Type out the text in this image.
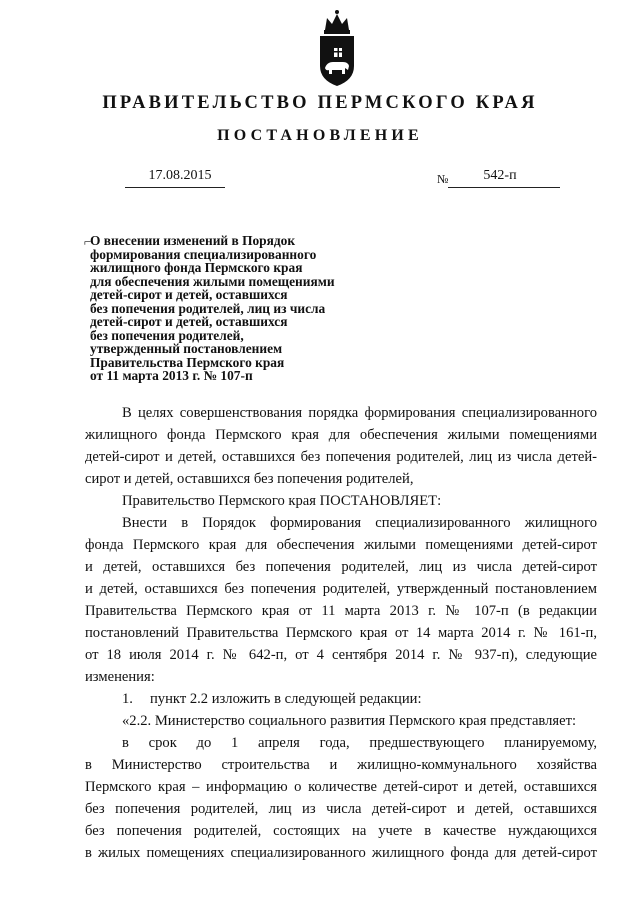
ПРАВИТЕЛЬСТВО ПЕРМСКОГО КРАЯ
ПОСТАНОВЛЕНИЕ
17.08.2015	№	542-п
⌐
О внесении изменений в Порядок
формирования специализированного
жилищного фонда Пермского края
для обеспечения жилыми помещениями
детей-сирот и детей, оставшихся
без попечения родителей, лиц из числа
детей-сирот и детей, оставшихся
без попечения родителей,
утвержденный постановлением
Правительства Пермского края
от 11 марта 2013 г. № 107-п
В целях совершенствования порядка формирования специализированного
жилищного фонда Пермского края для обеспечения жилыми помещениями
детей-сирот и детей, оставшихся без попечения родителей, лиц из числа детей-
сирот и детей, оставшихся без попечения родителей,
Правительство Пермского края ПОСТАНОВЛЯЕТ:
Внести в Порядок формирования специализированного жилищного
фонда Пермского края для обеспечения жилыми помещениями детей-сирот
и детей, оставшихся без попечения родителей, лиц из числа детей-сирот
и детей, оставшихся без попечения родителей, утвержденный постановлением
Правительства Пермского края от 11 марта 2013 г. № 107-п (в редакции
постановлений Правительства Пермского края от 14 марта 2014 г. № 161-п,
от 18 июля 2014 г. № 642-п, от 4 сентября 2014 г. № 937-п), следующие
изменения:
1. пункт 2.2 изложить в следующей редакции:
«2.2. Министерство социального развития Пермского края представляет:
в срок до 1 апреля года, предшествующего планируемому,
в Министерство строительства и жилищно-коммунального хозяйства
Пермского края – информацию о количестве детей-сирот и детей, оставшихся
без попечения родителей, лиц из числа детей-сирот и детей, оставшихся
без попечения родителей, состоящих на учете в качестве нуждающихся
в жилых помещениях специализированного жилищного фонда для детей-сирот
